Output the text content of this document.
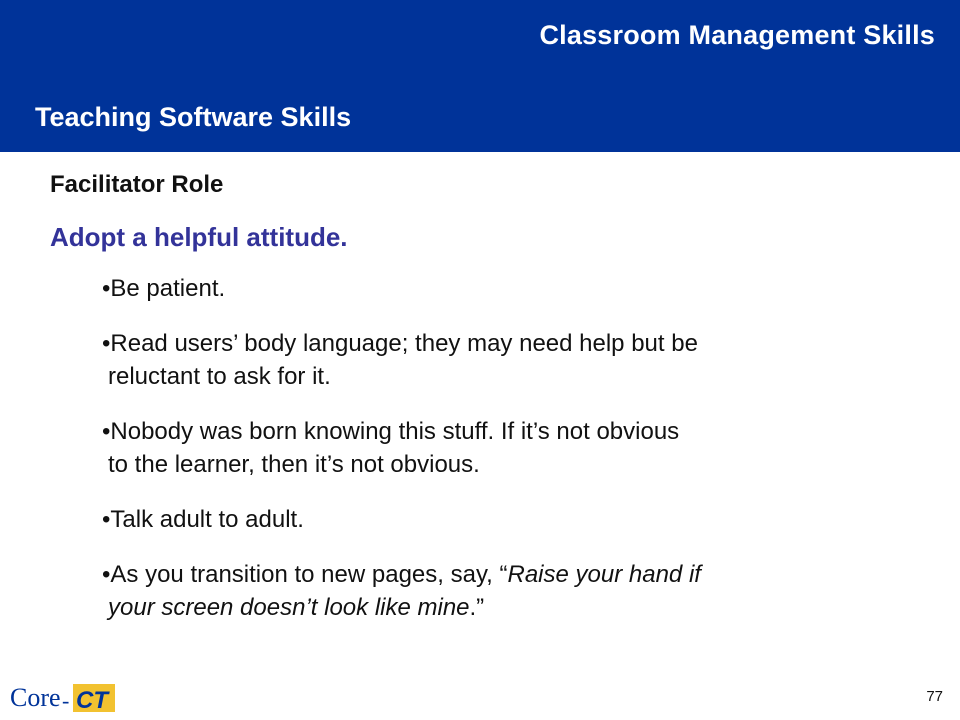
Classroom Management Skills
Teaching Software Skills
Facilitator Role
Adopt a helpful attitude.
•Be patient.
•Read users’ body language; they may need help but be
reluctant to ask for it.
•Nobody was born knowing this stuff. If it’s not obvious
to the learner, then it’s not obvious.
•Talk adult to adult.
•As you transition to new pages, say, “Raise your hand if
your screen doesn’t look like mine.”
Core - CT	77
